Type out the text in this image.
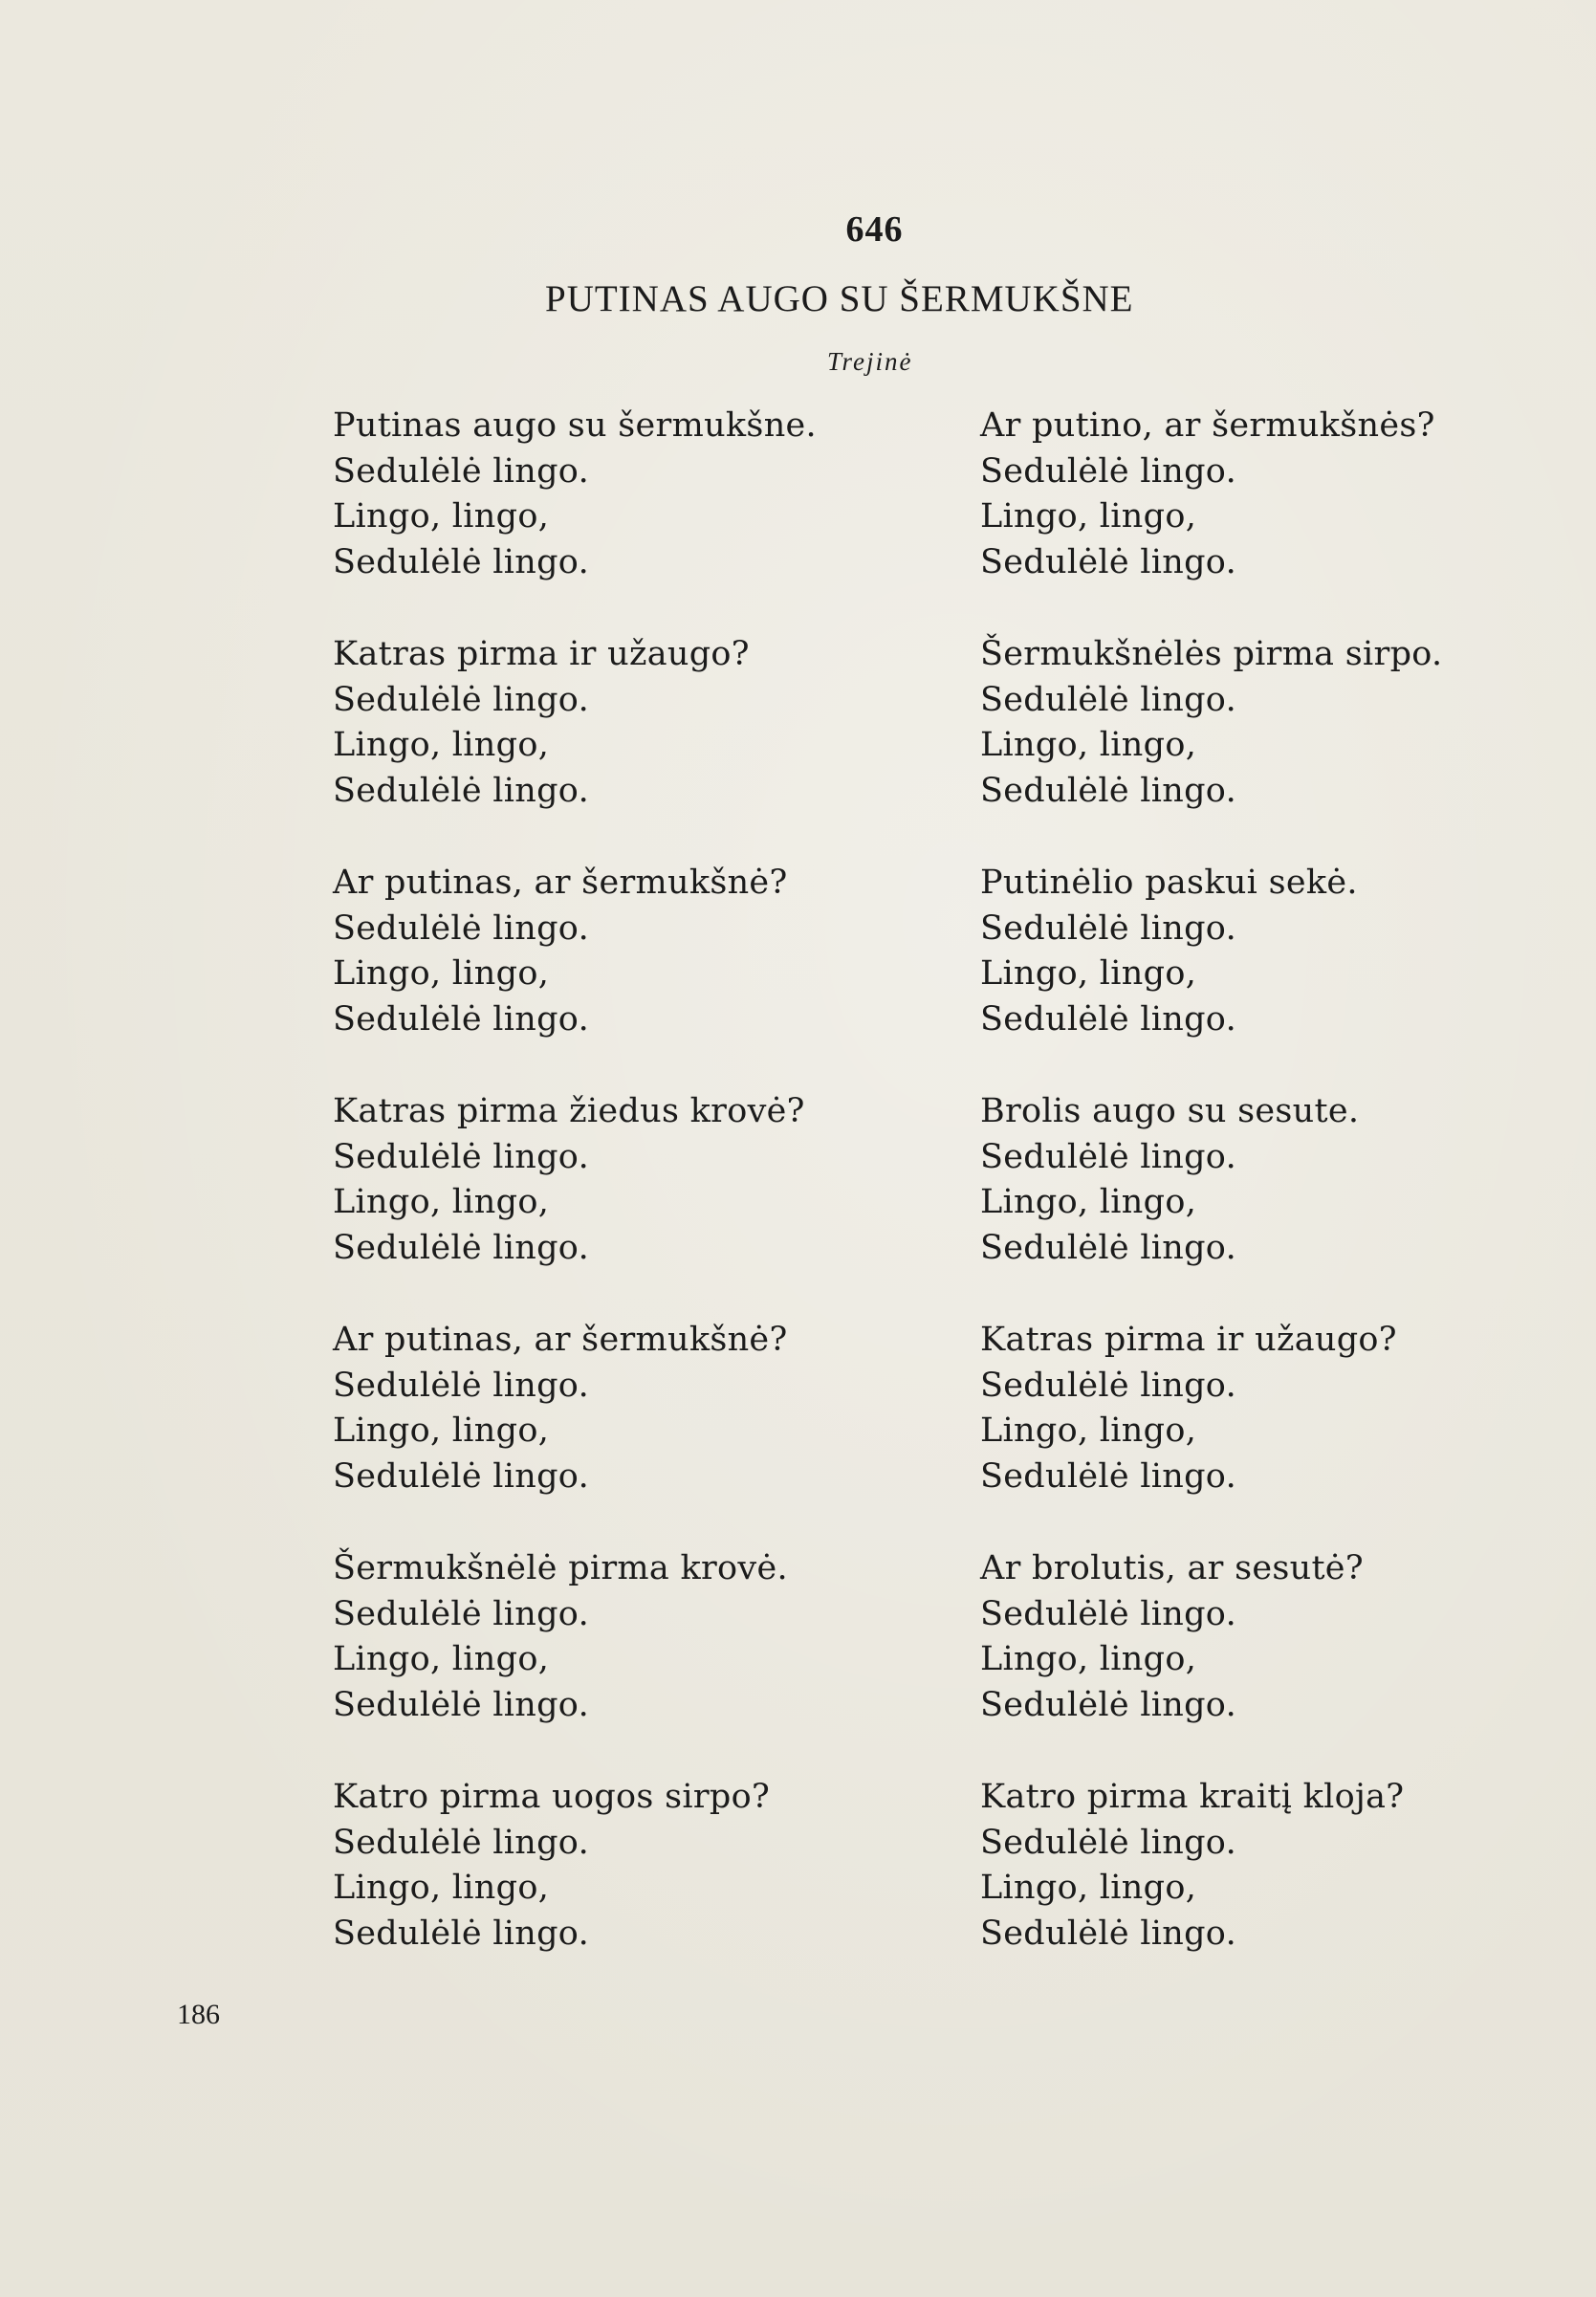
646
PUTINAS AUGO SU ŠERMUKŠNE
Trejinė
Putinas augo su šermukšne.
Sedulėlė lingo.
Lingo, lingo,
Sedulėlė lingo.
Katras pirma ir užaugo?
Sedulėlė lingo.
Lingo, lingo,
Sedulėlė lingo.
Ar putinas, ar šermukšnė?
Sedulėlė lingo.
Lingo, lingo,
Sedulėlė lingo.
Katras pirma žiedus krovė?
Sedulėlė lingo.
Lingo, lingo,
Sedulėlė lingo.
Ar putinas, ar šermukšnė?
Sedulėlė lingo.
Lingo, lingo,
Sedulėlė lingo.
Šermukšnėlė pirma krovė.
Sedulėlė lingo.
Lingo, lingo,
Sedulėlė lingo.
Katro pirma uogos sirpo?
Sedulėlė lingo.
Lingo, lingo,
Sedulėlė lingo.
Ar putino, ar šermukšnės?
Sedulėlė lingo.
Lingo, lingo,
Sedulėlė lingo.
Šermukšnėlės pirma sirpo.
Sedulėlė lingo.
Lingo, lingo,
Sedulėlė lingo.
Putinėlio paskui sekė.
Sedulėlė lingo.
Lingo, lingo,
Sedulėlė lingo.
Brolis augo su sesute.
Sedulėlė lingo.
Lingo, lingo,
Sedulėlė lingo.
Katras pirma ir užaugo?
Sedulėlė lingo.
Lingo, lingo,
Sedulėlė lingo.
Ar brolutis, ar sesutė?
Sedulėlė lingo.
Lingo, lingo,
Sedulėlė lingo.
Katro pirma kraitį kloja?
Sedulėlė lingo.
Lingo, lingo,
Sedulėlė lingo.
186
